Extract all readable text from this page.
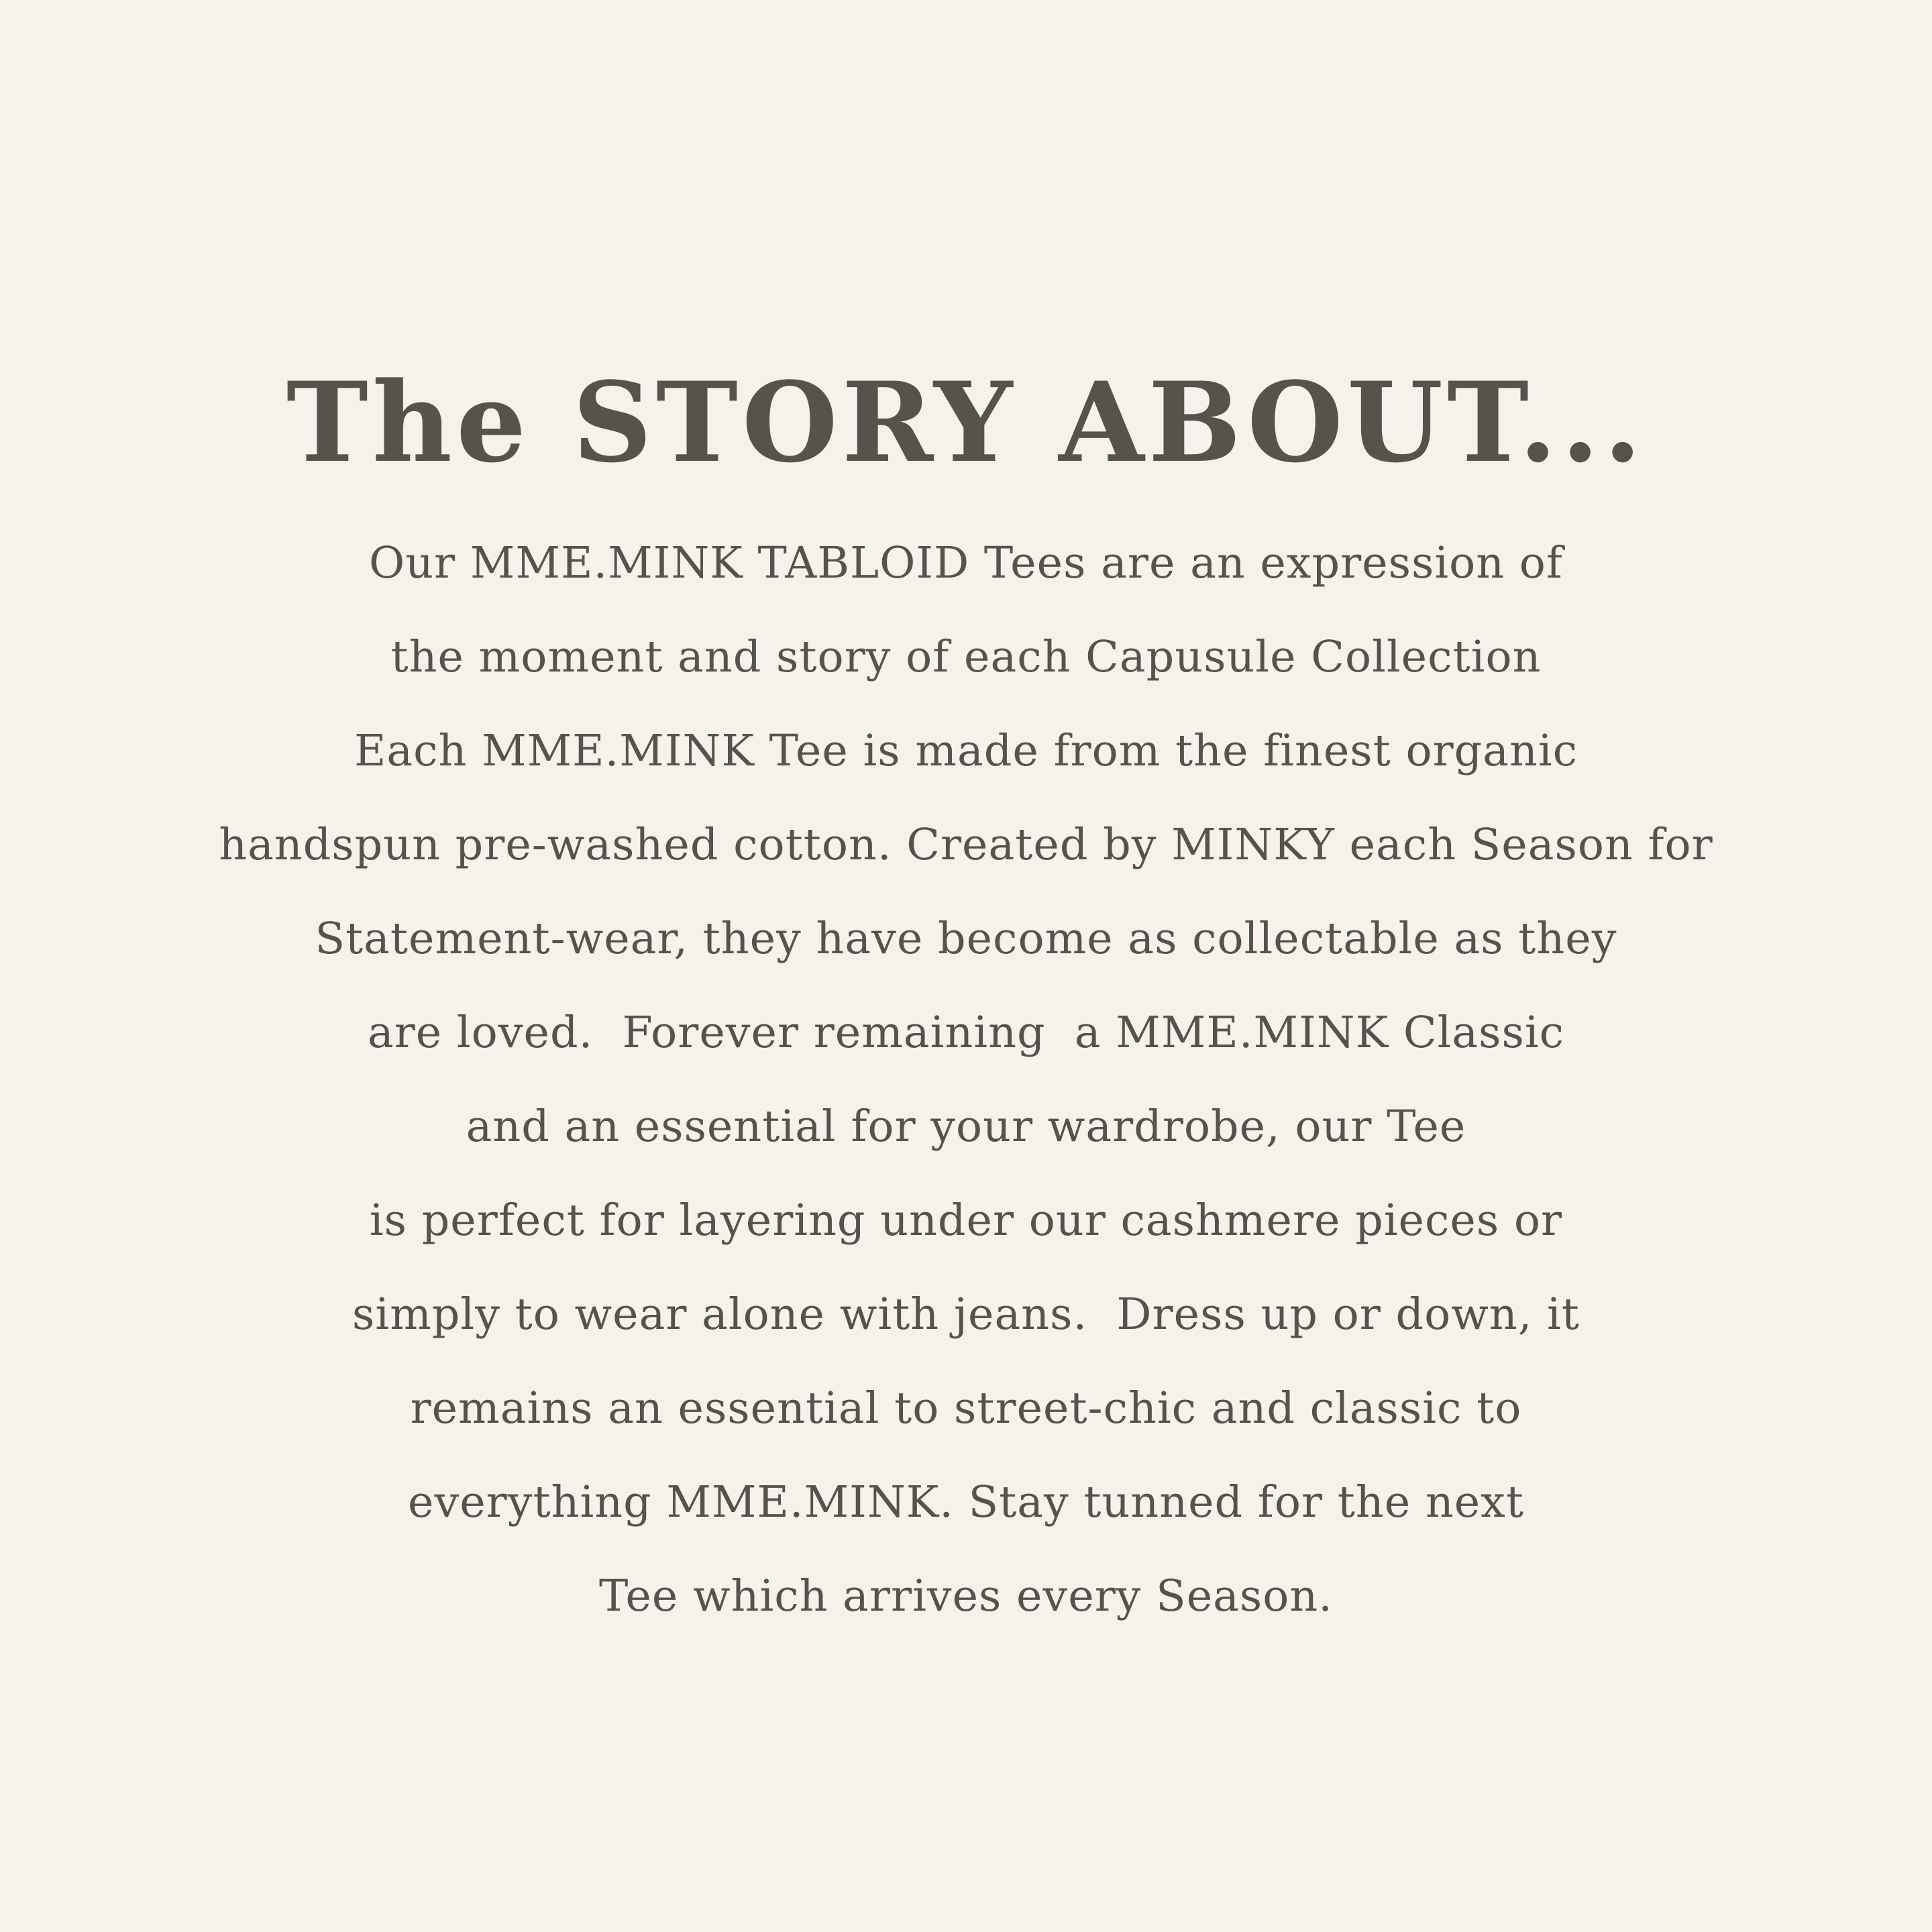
The STORY ABOUT...
Our MME.MINK TABLOID Tees are an expression of
the moment and story of each Capusule Collection
Each MME.MINK Tee is made from the finest organic
handspun pre-washed cotton. Created by MINKY each Season for
Statement-wear, they have become as collectable as they
are loved.  Forever remaining  a MME.MINK Classic
and an essential for your wardrobe, our Tee
is perfect for layering under our cashmere pieces or
simply to wear alone with jeans.  Dress up or down, it
remains an essential to street-chic and classic to
everything MME.MINK. Stay tunned for the next
Tee which arrives every Season.
